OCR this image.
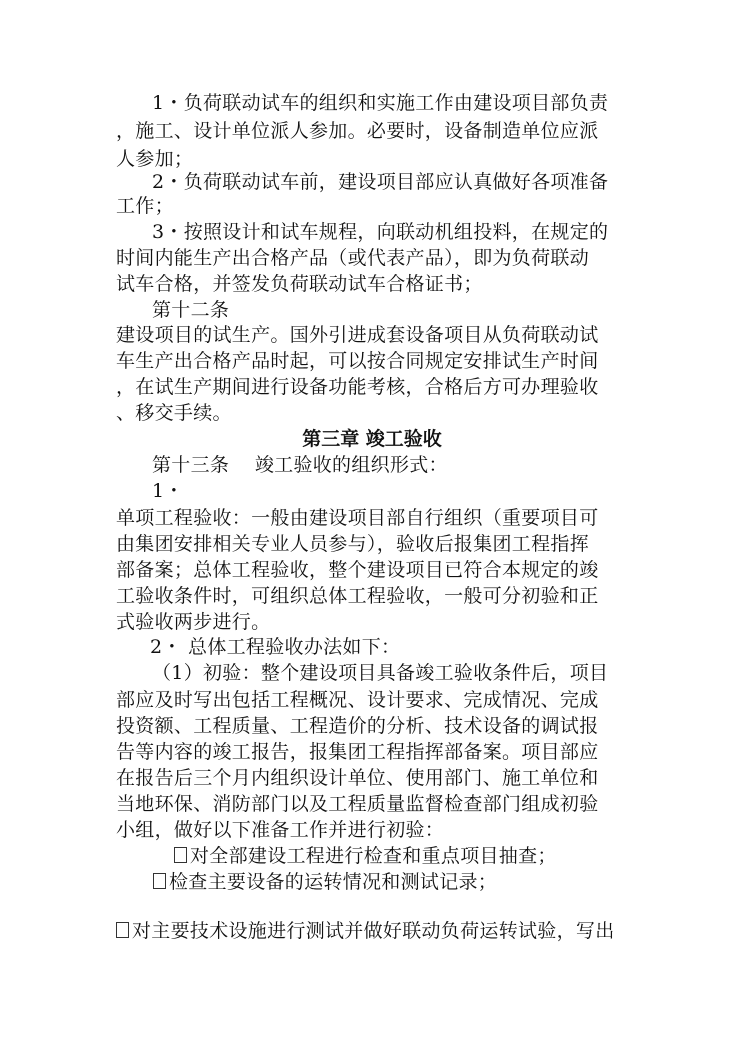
1・负荷联动试车的组织和实施工作由建设项目部负责
，施工、设计单位派人参加。必要时，设备制造单位应派
人参加；
2・负荷联动试车前，建设项目部应认真做好各项准备
工作；
3・按照设计和试车规程，向联动机组投料，在规定的
时间内能生产出合格产品（或代表产品），即为负荷联动
试车合格，并签发负荷联动试车合格证书；
第十二条
建设项目的试生产。国外引进成套设备项目从负荷联动试
车生产出合格产品时起，可以按合同规定安排试生产时间
，在试生产期间进行设备功能考核，合格后方可办理验收
、移交手续。
第三章 竣工验收
第十三条　 竣工验收的组织形式：
1・
单项工程验收：一般由建设项目部自行组织（重要项目可
由集团安排相关专业人员参与），验收后报集团工程指挥
部备案；总体工程验收，整个建设项目已符合本规定的竣
工验收条件时，可组织总体工程验收，一般可分初验和正
式验收两步进行。
2・ 总体工程验收办法如下：
（1）初验：整个建设项目具备竣工验收条件后，项目
部应及时写出包括工程概况、设计要求、完成情况、完成
投资额、工程质量、工程造价的分析、技术设备的调试报
告等内容的竣工报告，报集团工程指挥部备案。项目部应
在报告后三个月内组织设计单位、使用部门、施工单位和
当地环保、消防部门以及工程质量监督检查部门组成初验
小组，做好以下准备工作并进行初验：
对全部建设工程进行检查和重点项目抽查；
检查主要设备的运转情况和测试记录；
对主要技术设施进行测试并做好联动负荷运转试验，写出
